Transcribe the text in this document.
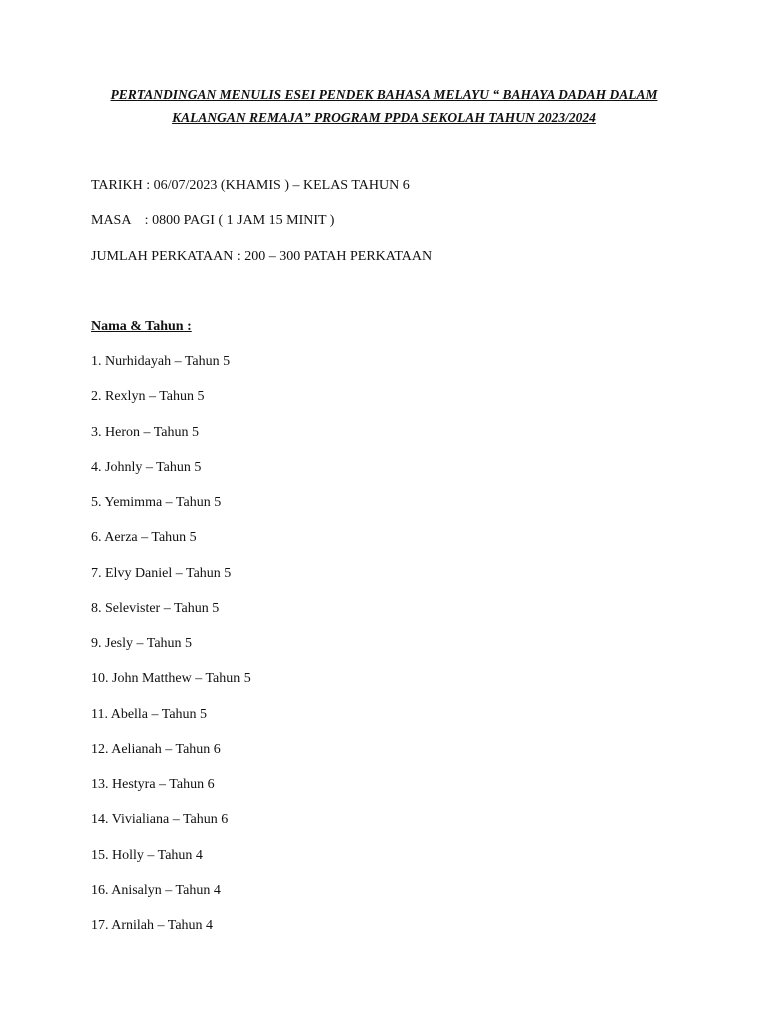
PERTANDINGAN MENULIS ESEI PENDEK BAHASA MELAYU “ BAHAYA DADAH DALAM

KALANGAN REMAJA” PROGRAM PPDA SEKOLAH TAHUN 2023/2024

TARIKH : 06/07/2023 (KHAMIS ) – KELAS TAHUN 6

MASA    : 0800 PAGI ( 1 JAM 15 MINIT )

JUMLAH PERKATAAN : 200 – 300 PATAH PERKATAAN

Nama & Tahun :

1. Nurhidayah – Tahun 5

2. Rexlyn – Tahun 5

3. Heron – Tahun 5

4. Johnly – Tahun 5

5. Yemimma – Tahun 5

6. Aerza – Tahun 5

7. Elvy Daniel – Tahun 5

8. Selevister – Tahun 5

9. Jesly – Tahun 5

10. John Matthew – Tahun 5

11. Abella – Tahun 5

12. Aelianah – Tahun 6

13. Hestyra – Tahun 6

14. Vivialiana – Tahun 6

15. Holly – Tahun 4

16. Anisalyn – Tahun 4

17. Arnilah – Tahun 4
